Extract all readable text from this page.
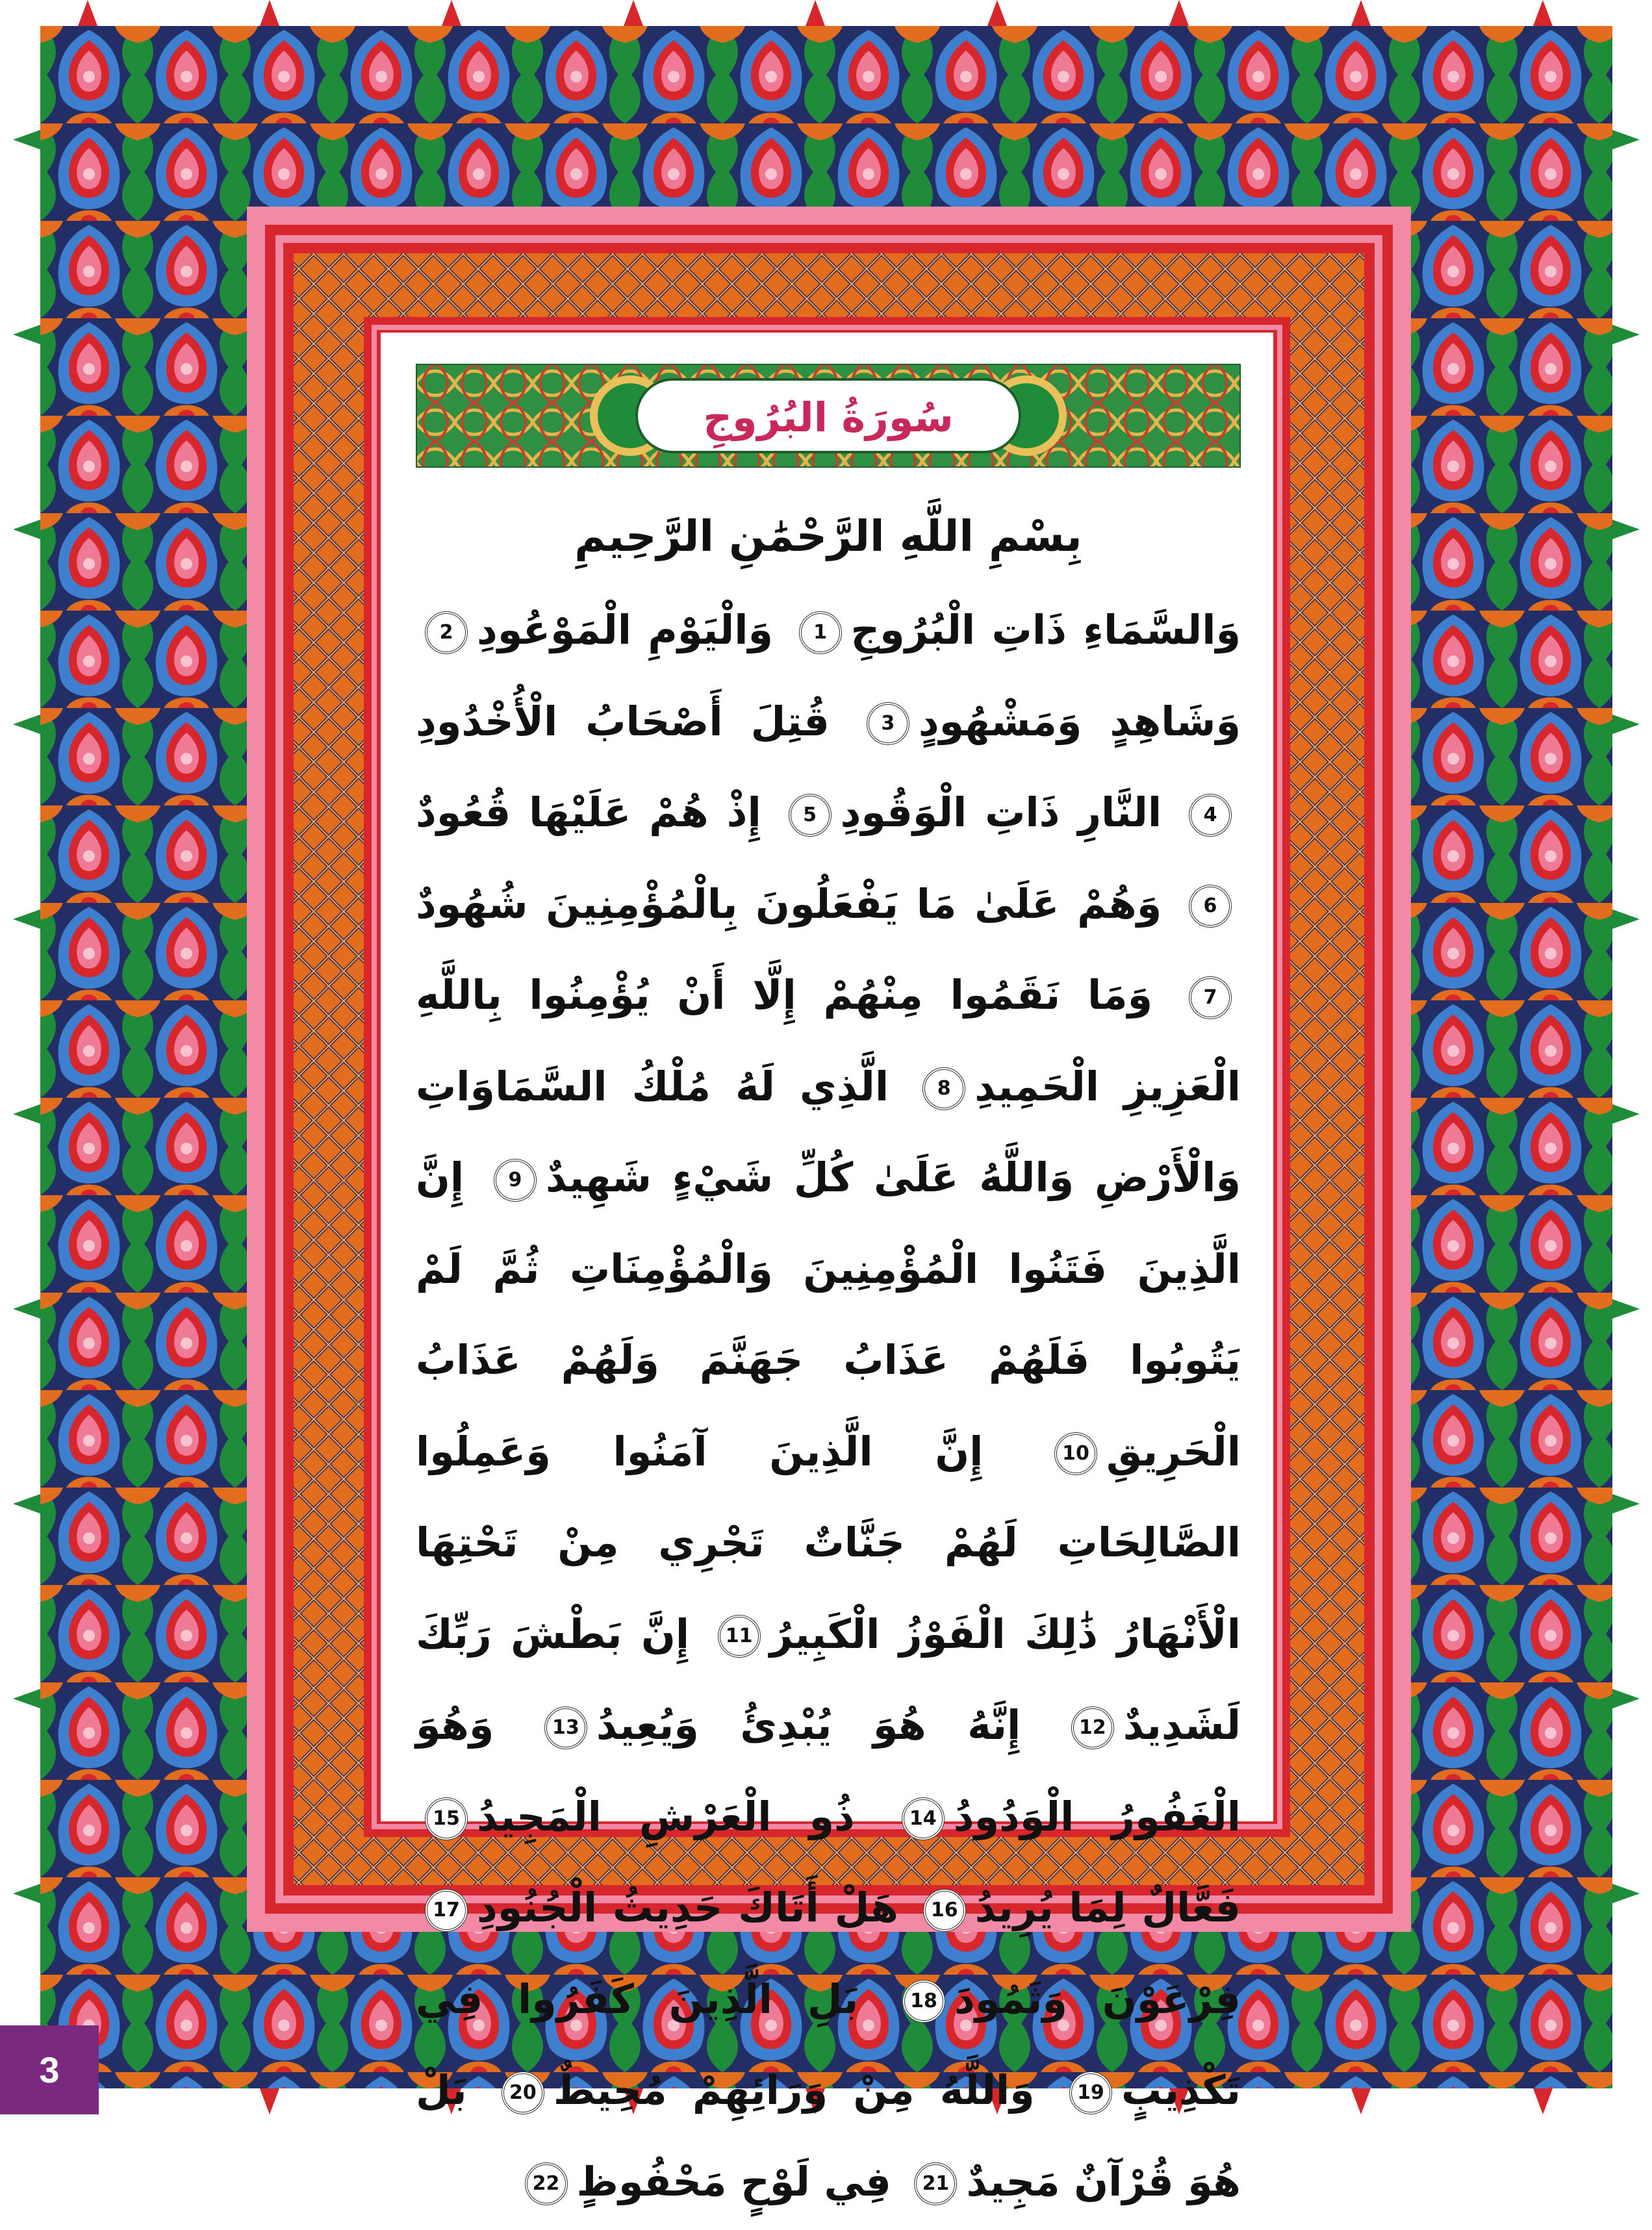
سُورَةُ البُرُوجِ
بِسْمِ اللَّهِ الرَّحْمَٰنِ الرَّحِيمِ
وَالسَّمَاءِ ذَاتِ الْبُرُوجِ1 وَالْيَوْمِ الْمَوْعُودِ2 وَشَاهِدٍ وَمَشْهُودٍ3 قُتِلَ أَصْحَابُ الْأُخْدُودِ4 النَّارِ ذَاتِ الْوَقُودِ5 إِذْ هُمْ عَلَيْهَا قُعُودٌ6 وَهُمْ عَلَىٰ مَا يَفْعَلُونَ بِالْمُؤْمِنِينَ شُهُودٌ7 وَمَا نَقَمُوا مِنْهُمْ إِلَّا أَنْ يُؤْمِنُوا بِاللَّهِ الْعَزِيزِ الْحَمِيدِ8 الَّذِي لَهُ مُلْكُ السَّمَاوَاتِ وَالْأَرْضِ وَاللَّهُ عَلَىٰ كُلِّ شَيْءٍ شَهِيدٌ9 إِنَّ الَّذِينَ فَتَنُوا الْمُؤْمِنِينَ وَالْمُؤْمِنَاتِ ثُمَّ لَمْ يَتُوبُوا فَلَهُمْ عَذَابُ جَهَنَّمَ وَلَهُمْ عَذَابُ الْحَرِيقِ10 إِنَّ الَّذِينَ آمَنُوا وَعَمِلُوا الصَّالِحَاتِ لَهُمْ جَنَّاتٌ تَجْرِي مِنْ تَحْتِهَا الْأَنْهَارُ ذَٰلِكَ الْفَوْزُ الْكَبِيرُ11 إِنَّ بَطْشَ رَبِّكَ لَشَدِيدٌ12 إِنَّهُ هُوَ يُبْدِئُ وَيُعِيدُ13 وَهُوَ الْغَفُورُ الْوَدُودُ14 ذُو الْعَرْشِ الْمَجِيدُ15 فَعَّالٌ لِمَا يُرِيدُ16 هَلْ أَتَاكَ حَدِيثُ الْجُنُودِ17 فِرْعَوْنَ وَثَمُودَ18 بَلِ الَّذِينَ كَفَرُوا فِي تَكْذِيبٍ19 وَاللَّهُ مِنْ وَرَائِهِمْ مُحِيطٌ20 بَلْ هُوَ قُرْآنٌ مَجِيدٌ21 فِي لَوْحٍ مَحْفُوظٍ22
3
